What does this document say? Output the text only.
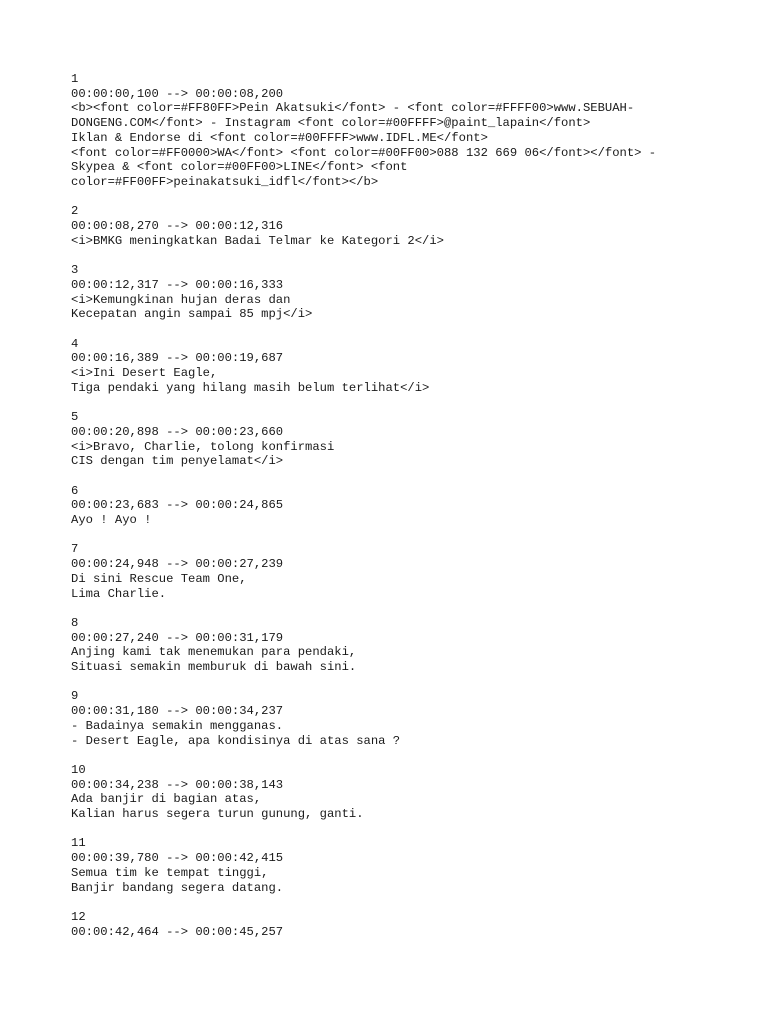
1
00:00:00,100 --> 00:00:08,200
<b><font color=#FF80FF>Pein Akatsuki</font> - <font color=#FFFF00>www.SEBUAH-
DONGENG.COM</font> - Instagram <font color=#00FFFF>@paint_lapain</font>
Iklan & Endorse di <font color=#00FFFF>www.IDFL.ME</font>
<font color=#FF0000>WA</font> <font color=#00FF00>088 132 669 06</font></font> -
Skypea & <font color=#00FF00>LINE</font> <font
color=#FF00FF>peinakatsuki_idfl</font></b>
2
00:00:08,270 --> 00:00:12,316
<i>BMKG meningkatkan Badai Telmar ke Kategori 2</i>
3
00:00:12,317 --> 00:00:16,333
<i>Kemungkinan hujan deras dan
Kecepatan angin sampai 85 mpj</i>
4
00:00:16,389 --> 00:00:19,687
<i>Ini Desert Eagle,
Tiga pendaki yang hilang masih belum terlihat</i>
5
00:00:20,898 --> 00:00:23,660
<i>Bravo, Charlie, tolong konfirmasi
CIS dengan tim penyelamat</i>
6
00:00:23,683 --> 00:00:24,865
Ayo ! Ayo !
7
00:00:24,948 --> 00:00:27,239
Di sini Rescue Team One,
Lima Charlie.
8
00:00:27,240 --> 00:00:31,179
Anjing kami tak menemukan para pendaki,
Situasi semakin memburuk di bawah sini.
9
00:00:31,180 --> 00:00:34,237
- Badainya semakin mengganas.
- Desert Eagle, apa kondisinya di atas sana ?
10
00:00:34,238 --> 00:00:38,143
Ada banjir di bagian atas,
Kalian harus segera turun gunung, ganti.
11
00:00:39,780 --> 00:00:42,415
Semua tim ke tempat tinggi,
Banjir bandang segera datang.
12
00:00:42,464 --> 00:00:45,257
